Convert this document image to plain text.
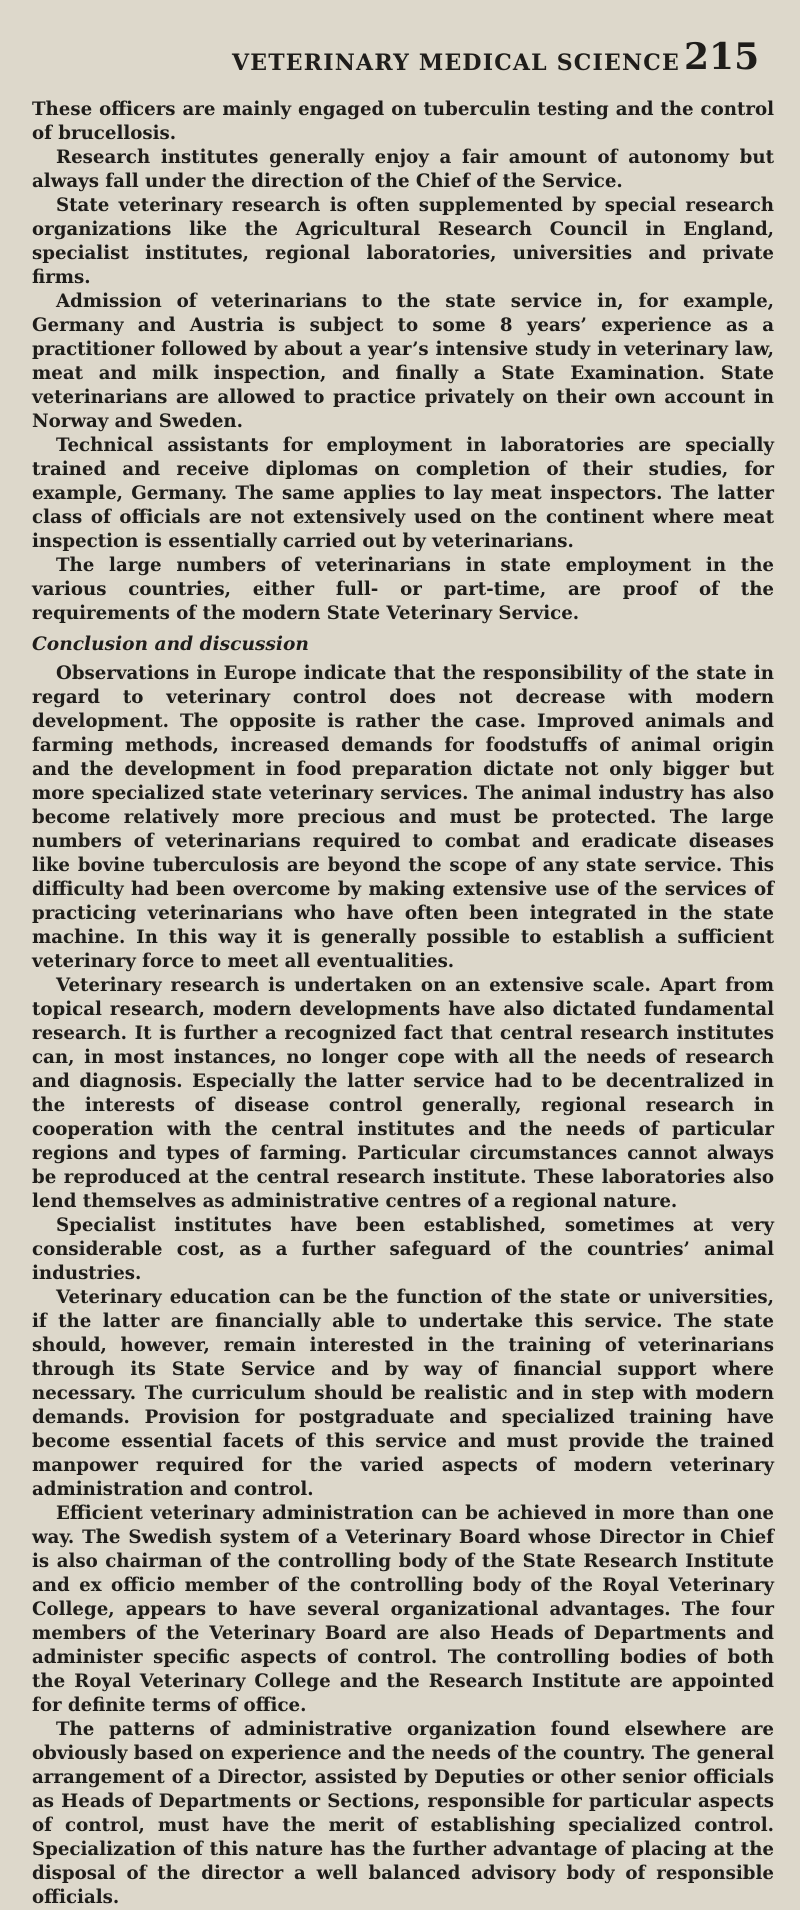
VETERINARY MEDICAL SCIENCE 215

These officers are mainly engaged on tuberculin testing and the control of brucellosis.

Research institutes generally enjoy a fair amount of autonomy but always fall under the direction of the Chief of the Service.

State veterinary research is often supplemented by special research organizations like the Agricultural Research Council in England, specialist institutes, regional laboratories, universities and private firms.

Admission of veterinarians to the state service in, for example, Germany and Austria is subject to some 8 years’ experience as a practitioner followed by about a year’s intensive study in veterinary law, meat and milk inspection, and finally a State Examination. State veterinarians are allowed to practice privately on their own account in Norway and Sweden.

Technical assistants for employment in laboratories are specially trained and receive diplomas on completion of their studies, for example, Germany. The same applies to lay meat inspectors. The latter class of officials are not extensively used on the continent where meat inspection is essentially carried out by veterinarians.

The large numbers of veterinarians in state employment in the various countries, either full- or part-time, are proof of the requirements of the modern State Veterinary Service.

Conclusion and discussion

Observations in Europe indicate that the responsibility of the state in regard to veterinary control does not decrease with modern development. The opposite is rather the case. Improved animals and farming methods, increased demands for foodstuffs of animal origin and the development in food preparation dictate not only bigger but more specialized state veterinary services. The animal industry has also become relatively more precious and must be protected. The large numbers of veterinarians required to combat and eradicate diseases like bovine tuberculosis are beyond the scope of any state service. This difficulty had been overcome by making extensive use of the services of practicing veterinarians who have often been integrated in the state machine. In this way it is generally possible to establish a sufficient veterinary force to meet all eventualities.

Veterinary research is undertaken on an extensive scale. Apart from topical research, modern developments have also dictated fundamental research. It is further a recognized fact that central research institutes can, in most instances, no longer cope with all the needs of research and diagnosis. Especially the latter service had to be decentralized in the interests of disease control generally, regional research in cooperation with the central institutes and the needs of particular regions and types of farming. Particular circumstances cannot always be reproduced at the central research institute. These laboratories also lend themselves as administrative centres of a regional nature.

Specialist institutes have been established, sometimes at very considerable cost, as a further safeguard of the countries’ animal industries.

Veterinary education can be the function of the state or universities, if the latter are financially able to undertake this service. The state should, however, remain interested in the training of veterinarians through its State Service and by way of financial support where necessary. The curriculum should be realistic and in step with modern demands. Provision for postgraduate and specialized training have become essential facets of this service and must provide the trained manpower required for the varied aspects of modern veterinary administration and control.

Efficient veterinary administration can be achieved in more than one way. The Swedish system of a Veterinary Board whose Director in Chief is also chairman of the controlling body of the State Research Institute and ex officio member of the controlling body of the Royal Veterinary College, appears to have several organizational advantages. The four members of the Veterinary Board are also Heads of Departments and administer specific aspects of control. The controlling bodies of both the Royal Veterinary College and the Research Institute are appointed for definite terms of office.

The patterns of administrative organization found elsewhere are obviously based on experience and the needs of the country. The general arrangement of a Director, assisted by Deputies or other senior officials as Heads of Departments or Sections, responsible for particular aspects of control, must have the merit of establishing specialized control. Specialization of this nature has the further advantage of placing at the disposal of the director a well balanced advisory body of responsible officials.
